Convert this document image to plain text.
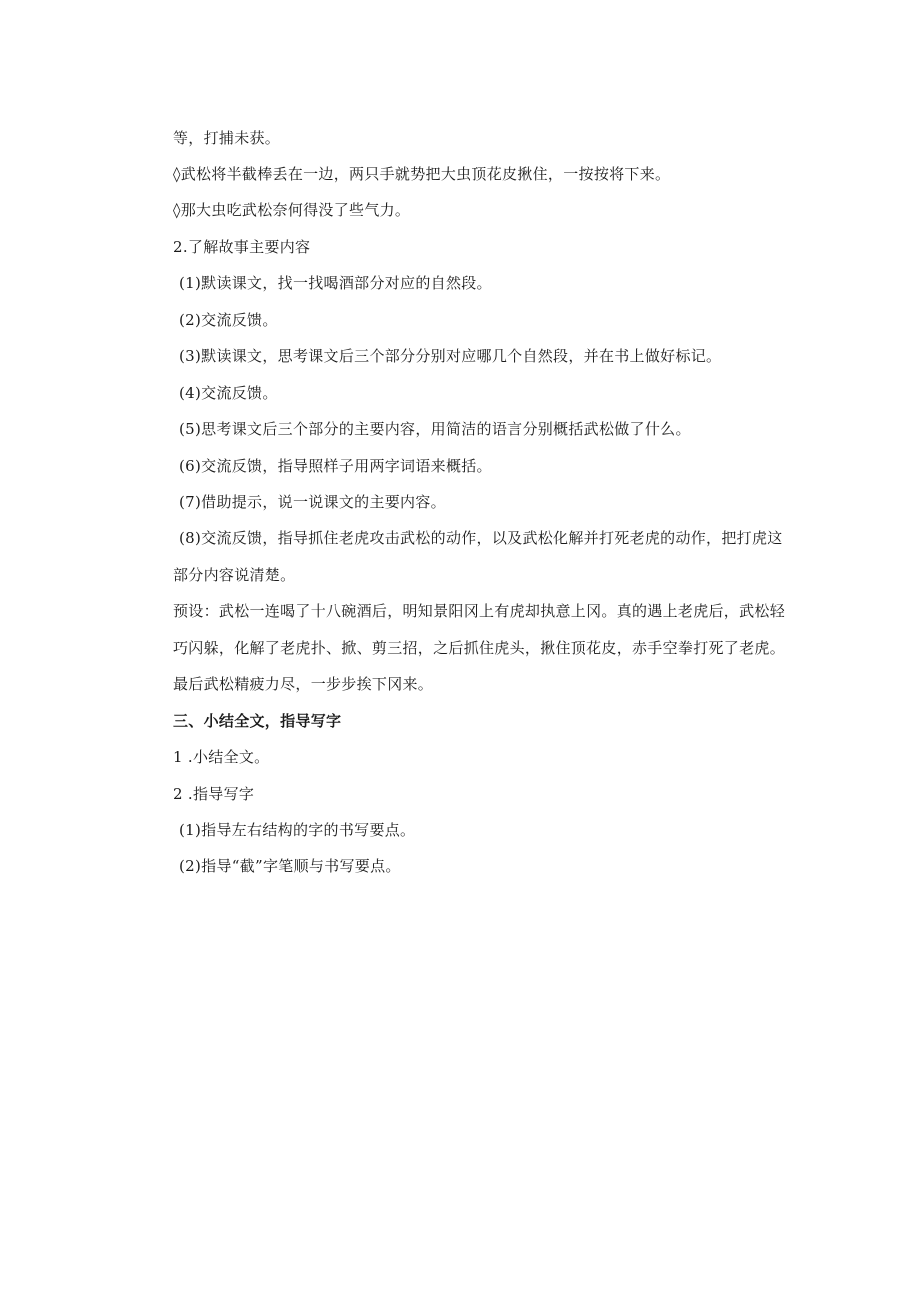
等，打捕未获。
◊武松将半截棒丢在一边，两只手就势把大虫顶花皮揪住，一按按将下来。
◊那大虫吃武松奈何得没了些气力。
2.了解故事主要内容
(1)默读课文，找一找喝酒部分对应的自然段。
(2)交流反馈。
(3)默读课文，思考课文后三个部分分别对应哪几个自然段，并在书上做好标记。
(4)交流反馈。
(5)思考课文后三个部分的主要内容，用简洁的语言分别概括武松做了什么。
(6)交流反馈，指导照样子用两字词语来概括。
(7)借助提示，说一说课文的主要内容。
(8)交流反馈，指导抓住老虎攻击武松的动作，以及武松化解并打死老虎的动作，把打虎这
部分内容说清楚。
预设：武松一连喝了十八碗酒后，明知景阳冈上有虎却执意上冈。真的遇上老虎后，武松轻
巧闪躲，化解了老虎扑、掀、剪三招，之后抓住虎头，揪住顶花皮，赤手空拳打死了老虎。
最后武松精疲力尽，一步步挨下冈来。
三、小结全文，指导写字
1 .小结全文。
2 .指导写字
(1)指导左右结构的字的书写要点。
(2)指导“截”字笔顺与书写要点。
